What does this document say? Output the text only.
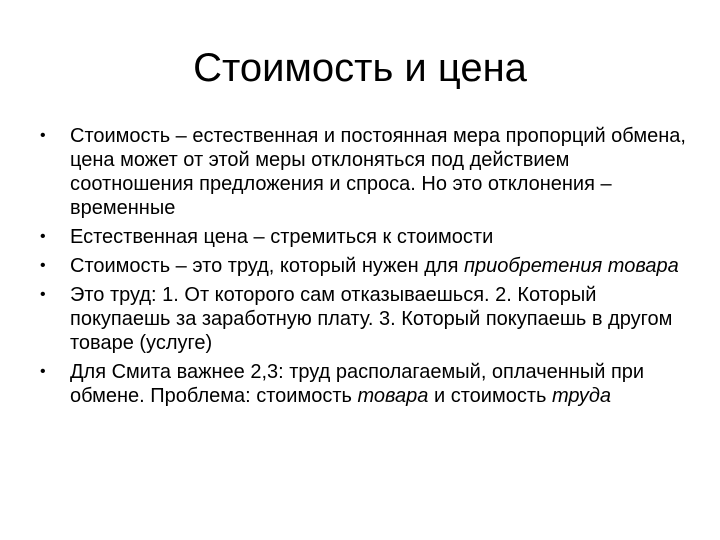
Стоимость и цена
• Стоимость – естественная и постоянная мера пропорций обмена, цена может от этой меры отклоняться под действием соотношения предложения и спроса. Но это отклонения – временные
• Естественная цена – стремиться к стоимости
• Стоимость – это труд, который нужен для приобретения товара
• Это труд: 1. От которого сам отказываешься. 2. Который покупаешь за заработную плату. 3. Который покупаешь в другом товаре (услуге)
• Для Смита важнее 2,3: труд располагаемый, оплаченный при обмене. Проблема: стоимость товара и стоимость труда
